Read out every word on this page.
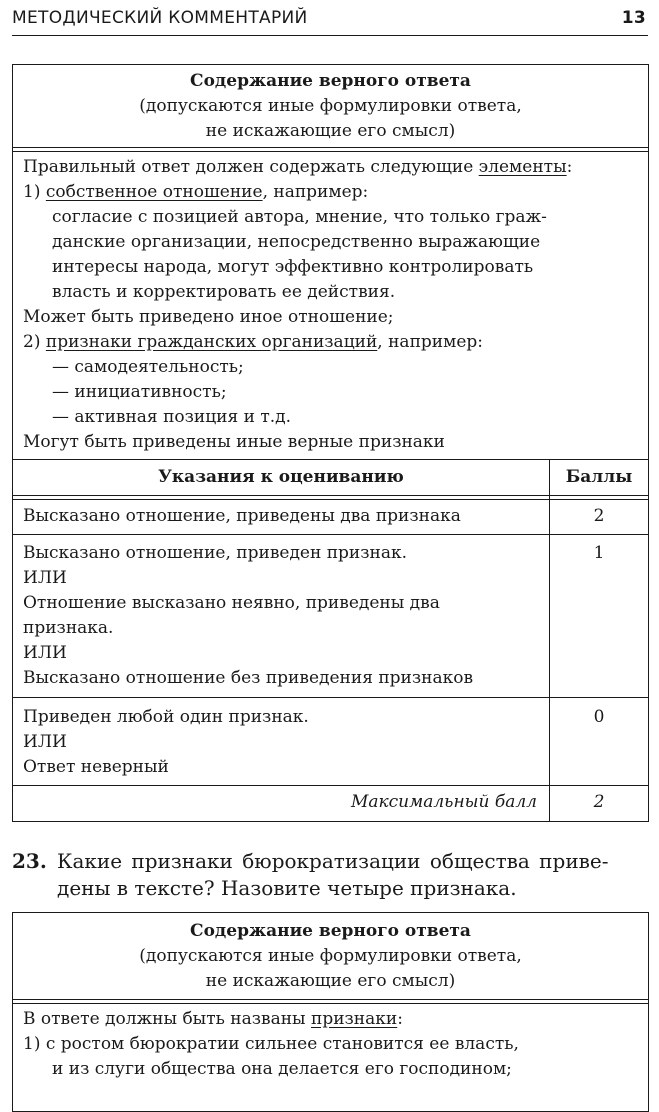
МЕТОДИЧЕСКИЙ КОММЕНТАРИЙ	13
Содержание верного ответа
(допускаются иные формулировки ответа,
не искажающие его смысл)
Правильный ответ должен содержать следующие элементы:
1) собственное отношение, например:
согласие с позицией автора, мнение, что только граж-
данские организации, непосредственно выражающие
интересы народа, могут эффективно контролировать
власть и корректировать ее действия.
Может быть приведено иное отношение;
2) признаки гражданских организаций, например:
— самодеятельность;
— инициативность;
— активная позиция и т.д.
Могут быть приведены иные верные признаки
Указания к оцениванию	Баллы
Высказано отношение, приведены два признака	2
Высказано отношение, приведен признак.
ИЛИ
Отношение высказано неявно, приведены два
признака.
ИЛИ
Высказано отношение без приведения признаков
1
Приведен любой один признак.
ИЛИ
Ответ неверный
0
Максимальный балл	2
23. Какие признаки бюрократизации общества приве-
дены в тексте? Назовите четыре признака.
Содержание верного ответа
(допускаются иные формулировки ответа,
не искажающие его смысл)
В ответе должны быть названы признаки:
1) с ростом бюрократии сильнее становится ее власть,
и из слуги общества она делается его господином;
